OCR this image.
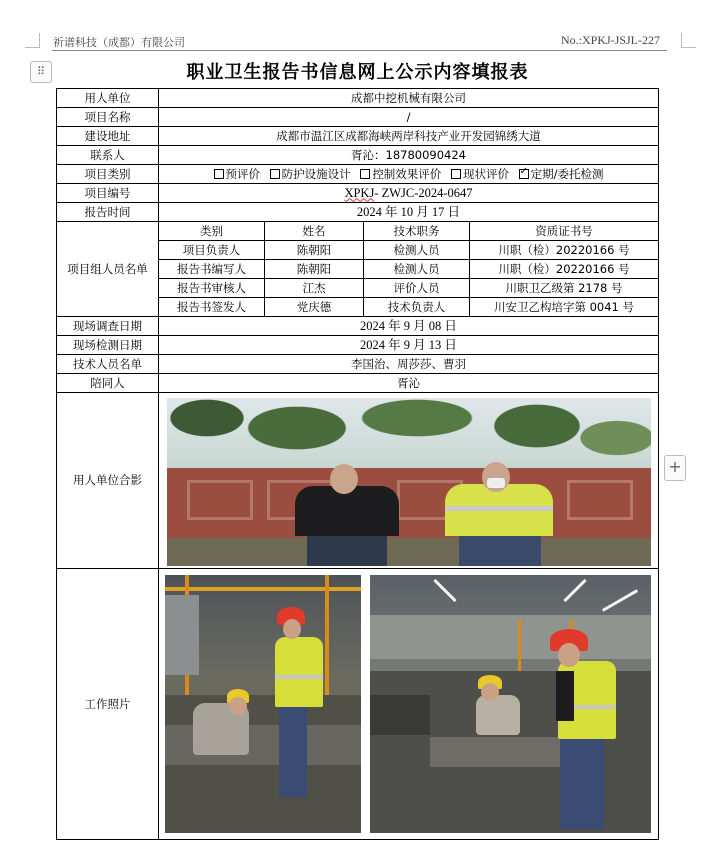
祈谱科技（成都）有限公司	No.:XPKJ-JSJL-227
⠿	职业卫生报告书信息网上公示内容填报表
用人单位	成都中挖机械有限公司			
项目名称	/			
建设地址	成都市温江区成都海峡两岸科技产业开发园锦绣大道			
联系人	胥沁：18780090424			
项目类别	预评价 防护设施设计 控制效果评价 现状评价 ✓ 定期/委托检测
项目编号	XPKJ- ZWJC-2024-0647			
报告时间	2024 年 10 月 17 日			
项目组人员名单	类别	姓名	技术职务	资质证书号
	项目负责人	陈朝阳	检测人员	川职（检）20220166 号
	报告书编写人	陈朝阳	检测人员	川职（检）20220166 号
	报告书审核人	江杰	评价人员	川职卫乙级第 2178 号
	报告书签发人	党庆德	技术负责人	川安卫乙构培字第 0041 号
现场调查日期	2024 年 9 月 08 日			
现场检测日期	2024 年 9 月 13 日			
技术人员名单	李国治、周莎莎、曹羽			
陪同人	胥沁			
用人单位合影				

工作照片				
+
